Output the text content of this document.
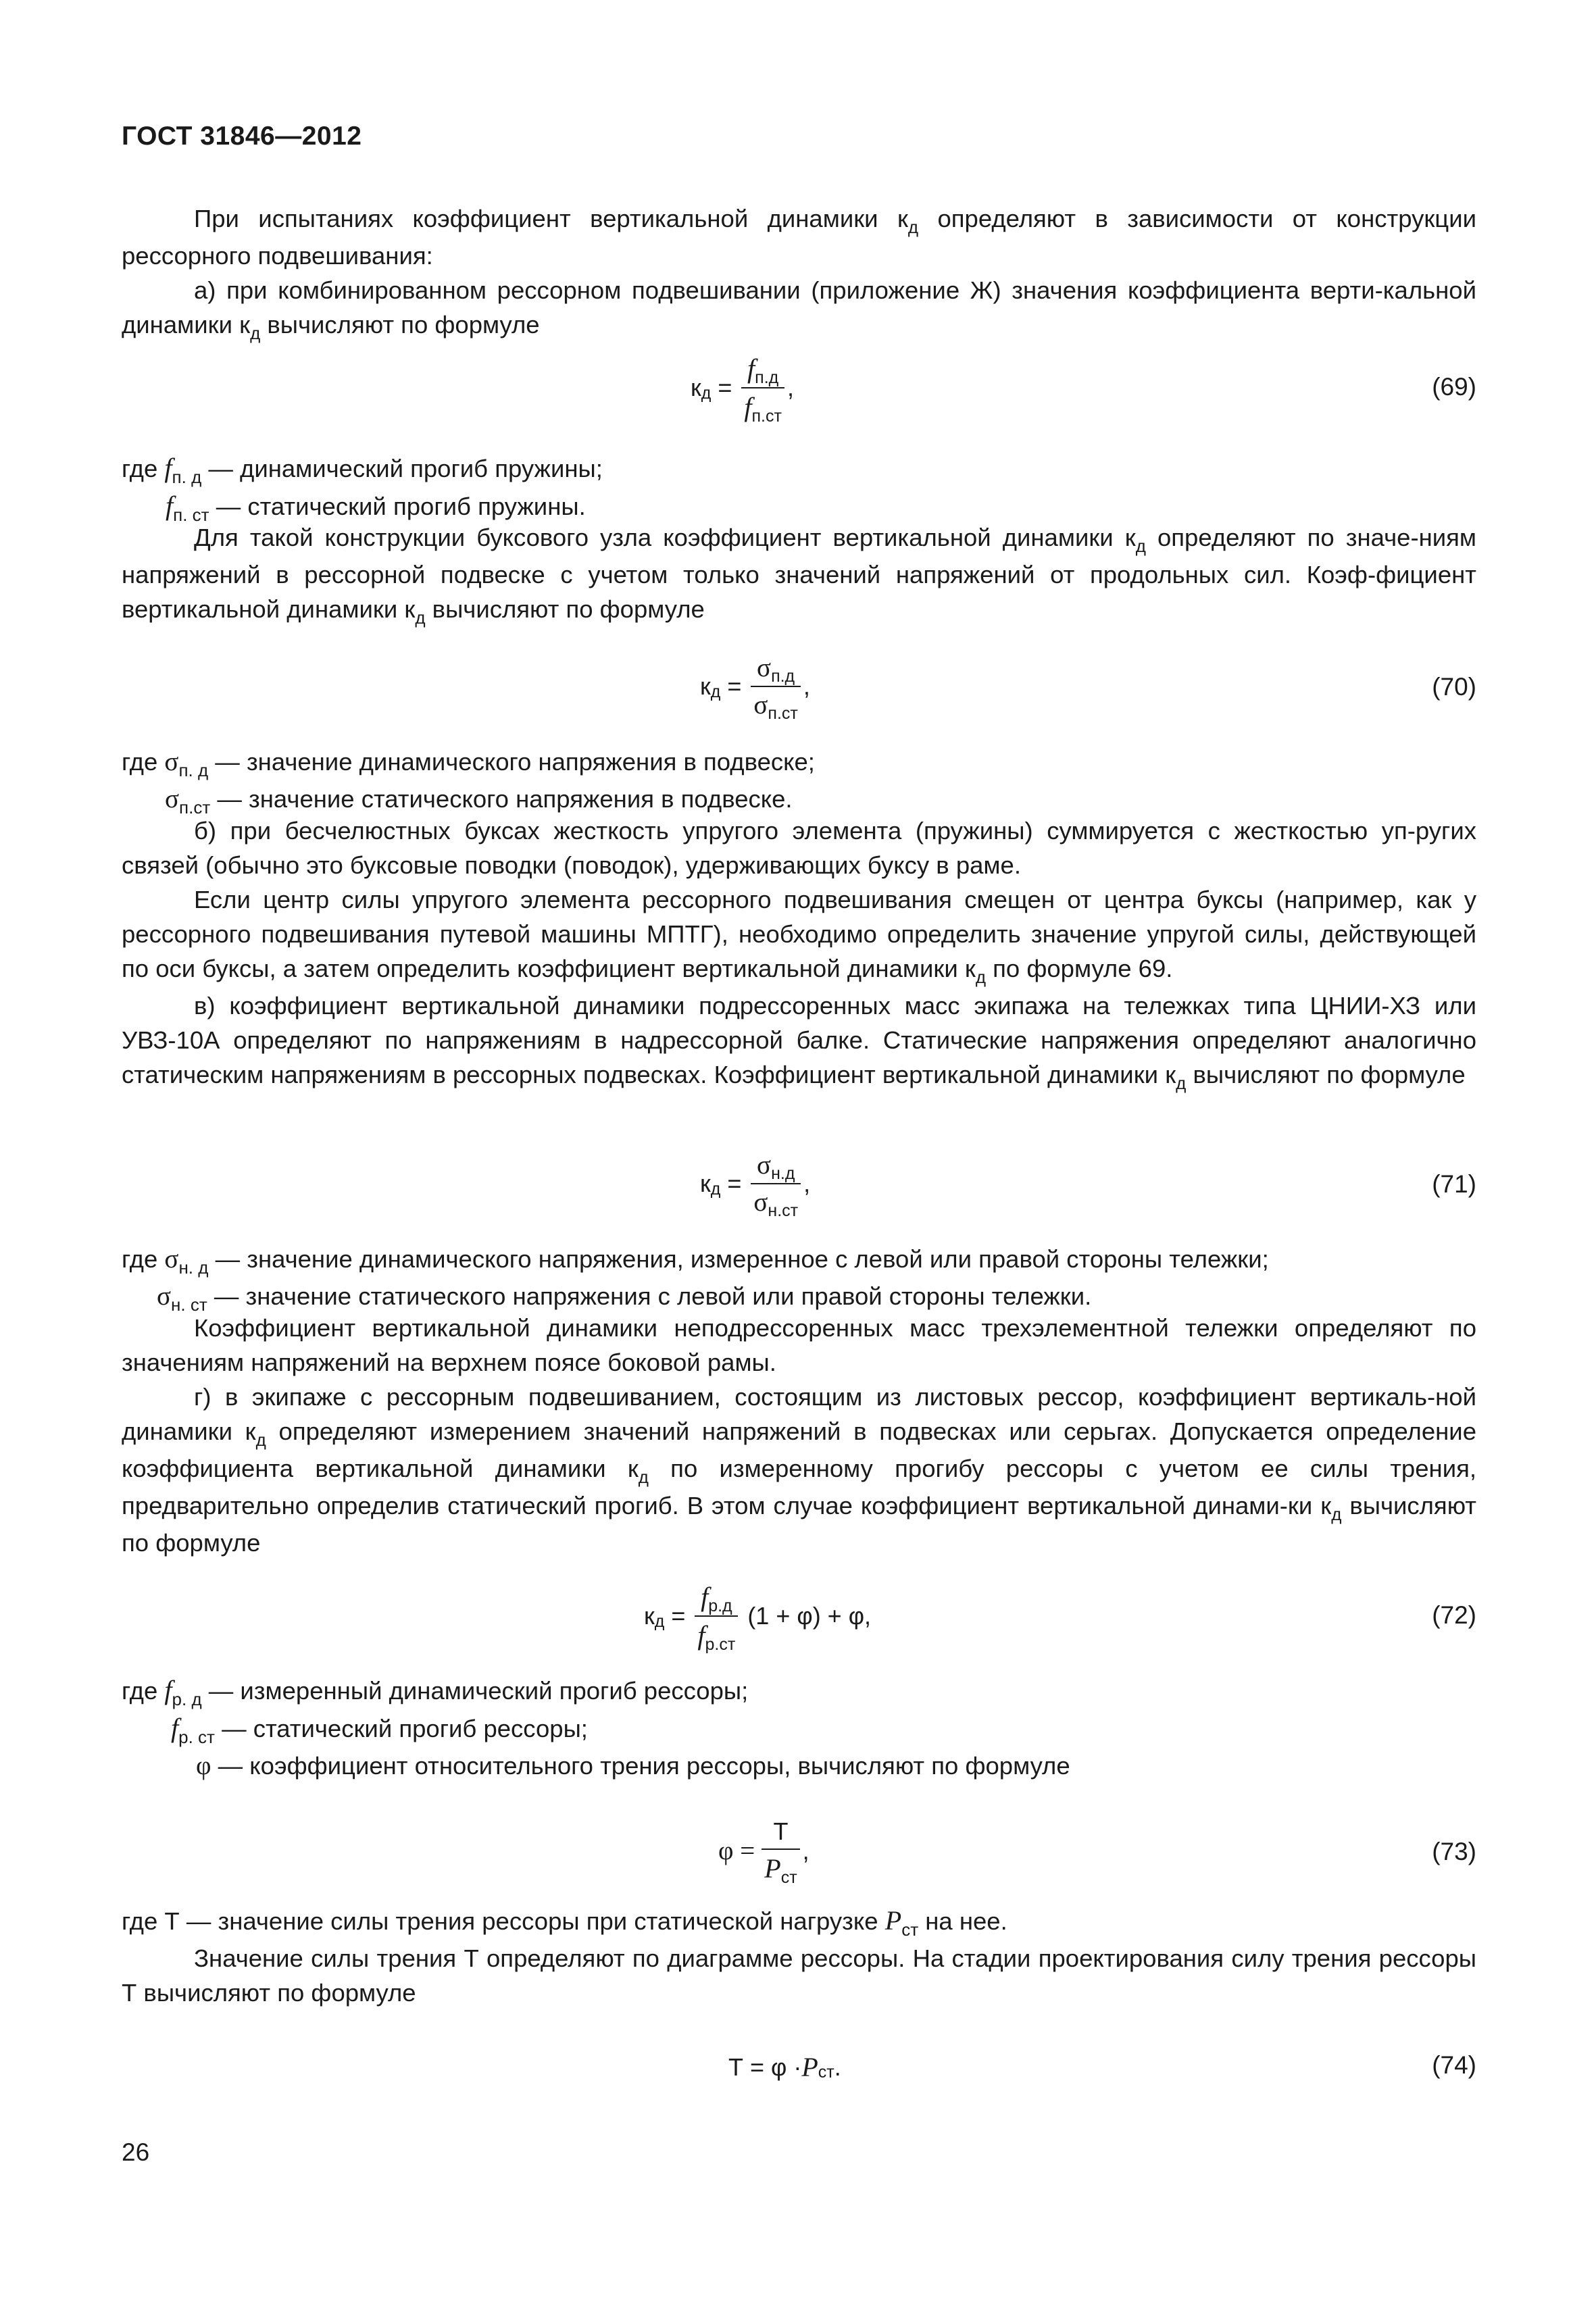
ГОСТ 31846—2012

При испытаниях коэффициент вертикальной динамики $к_д$ определяют в зависимости от конструкции рессорного подвешивания:

а) при комбинированном рессорном подвешивании (приложение Ж) значения коэффициента верти-кальной динамики $к_д$ вычисляют по формуле

к $д = \frac{f_{п.д}}{f_{п.ст}}$ ,	(69)
где $f_{п. д}$ — динамический прогиб пружины;
$f_{п. ст}$ — статический прогиб пружины.

Для такой конструкции буксового узла коэффициент вертикальной динамики $к_д$ определяют по значе-ниям напряжений в рессорной подвеске с учетом только значений напряжений от продольных сил. Коэф-фициент вертикальной динамики $к_д$ вычисляют по формуле

к $д = \frac{\sigma_{п.д}}{\sigma_{п.ст}}$ ,	(70)
где $\sigma_{п. д}$ — значение динамического напряжения в подвеске;
$\sigma_{п.ст}$ — значение статического напряжения в подвеске.

б) при бесчелюстных буксах жесткость упругого элемента (пружины) суммируется с жесткостью уп-ругих связей (обычно это буксовые поводки (поводок), удерживающих буксу в раме.

Если центр силы упругого элемента рессорного подвешивания смещен от центра буксы (например, как у рессорного подвешивания путевой машины МПТГ), необходимо определить значение упругой силы, действующей по оси буксы, а затем определить коэффициент вертикальной динамики $к_д$ по формуле 69.

в) коэффициент вертикальной динамики подрессоренных масс экипажа на тележках типа ЦНИИ-ХЗ или УВЗ-10А определяют по напряжениям в надрессорной балке. Статические напряжения определяют аналогично статическим напряжениям в рессорных подвесках. Коэффициент вертикальной динамики $к_д$ вычисляют по формуле

к $д = \frac{\sigma_{н.д}}{\sigma_{н.ст}}$ ,	(71)
где $\sigma_{н. д}$ — значение динамического напряжения, измеренное с левой или правой стороны тележки;
$\sigma_{н. ст}$ — значение статического напряжения с левой или правой стороны тележки.

Коэффициент вертикальной динамики неподрессоренных масс трехэлементной тележки определяют по значениям напряжений на верхнем поясе боковой рамы.

г) в экипаже с рессорным подвешиванием, состоящим из листовых рессор, коэффициент вертикаль-ной динамики $к_д$ определяют измерением значений напряжений в подвесках или серьгах. Допускается определение коэффициента вертикальной динамики $к_д$ по измеренному прогибу рессоры с учетом ее силы трения, предварительно определив статический прогиб. В этом случае коэффициент вертикальной динами-ки $к_д$ вычисляют по формуле

к $д = \frac{f_{р.д}}{f_{р.ст}} (1 + \varphi) + \varphi$,	(72)
где $f_{р. д}$ — измеренный динамический прогиб рессоры;
$f_{р. ст}$ — статический прогиб рессоры;
φ — коэффициент относительного трения рессоры, вычисляют по формуле
$\varphi = \frac{Т}{P_{ст}}$ ,	(73)

где Т — значение силы трения рессоры при статической нагрузке $P_{ст}$ на нее.

Значение силы трения Т определяют по диаграмме рессоры. На стадии проектирования силу трения рессоры Т вычисляют по формуле

Т = φ · P ст .	(74)
26
